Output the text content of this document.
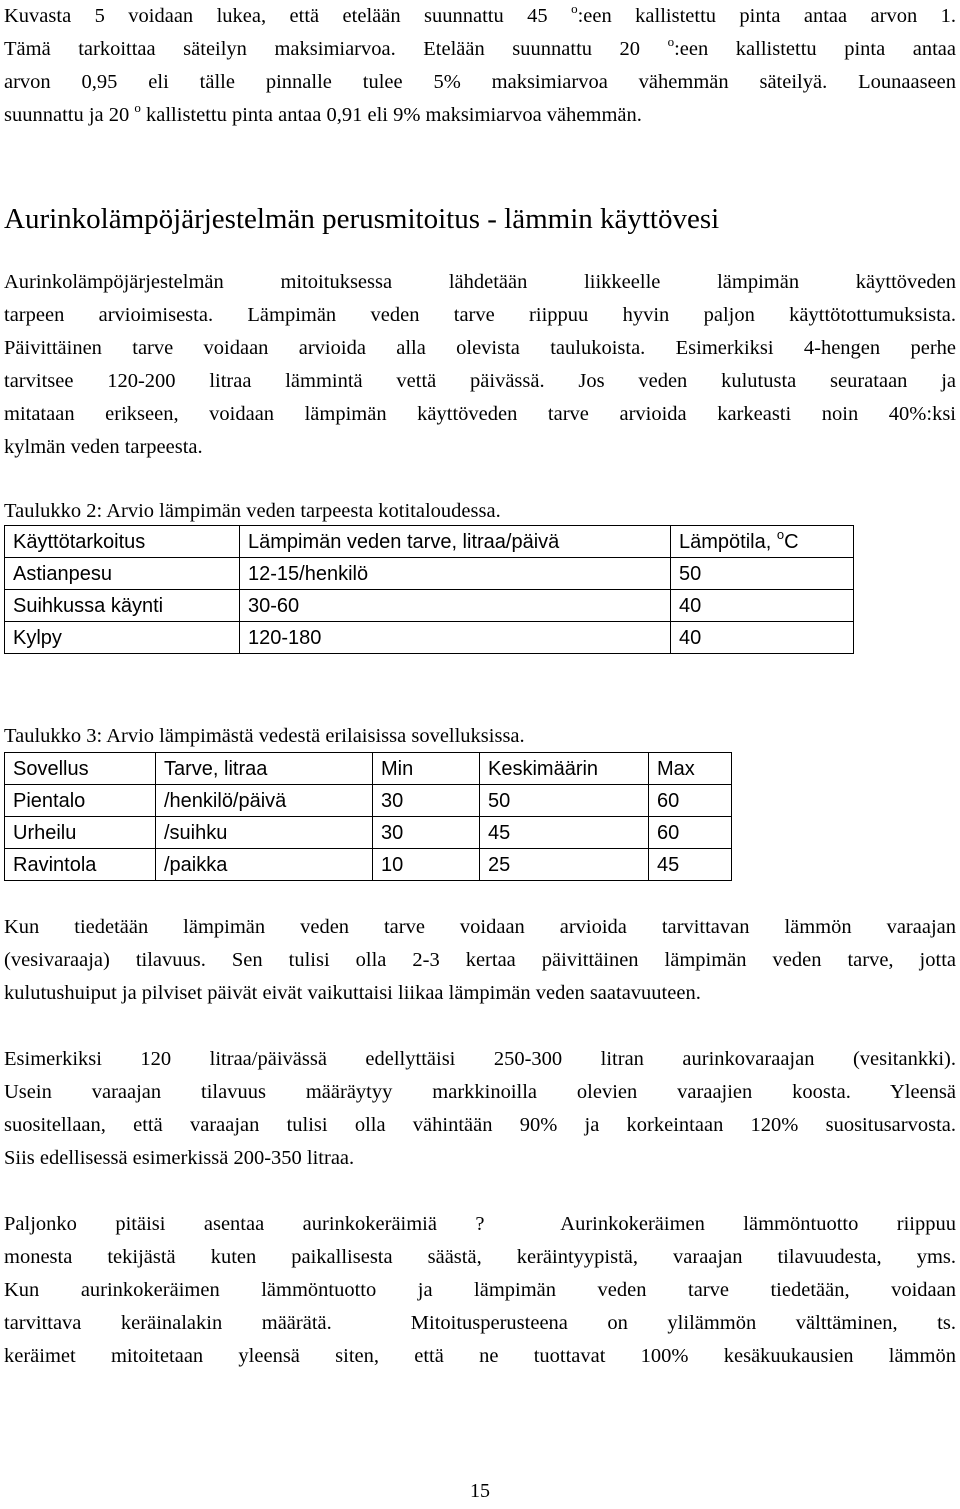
Kuvasta 5 voidaan lukea, että etelään suunnattu 45 $^o$:een kallistettu pinta antaa arvon 1.
Tämä tarkoittaa säteilyn maksimiarvoa. Etelään suunnattu 20 $^o$:een kallistettu pinta antaa
arvon 0,95 eli tälle pinnalle tulee 5% maksimiarvoa vähemmän säteilyä. Lounaaseen
suunnattu ja 20 $^o$ kallistettu pinta antaa 0,91 eli 9% maksimiarvoa vähemmän.
Aurinkolämpöjärjestelmän perusmitoitus - lämmin käyttövesi
Aurinkolämpöjärjestelmän mitoituksessa lähdetään liikkeelle lämpimän käyttöveden
tarpeen arvioimisesta. Lämpimän veden tarve riippuu hyvin paljon käyttötottumuksista.
Päivittäinen tarve voidaan arvioida alla olevista taulukoista. Esimerkiksi 4-hengen perhe
tarvitsee 120-200 litraa lämmintä vettä päivässä. Jos veden kulutusta seurataan ja
mitataan erikseen, voidaan lämpimän käyttöveden tarve arvioida karkeasti noin 40%:ksi
kylmän veden tarpeesta.
Taulukko 2: Arvio lämpimän veden tarpeesta kotitaloudessa.
Käyttötarkoitus	Lämpimän veden tarve, litraa/päivä	Lämpötila, $^o$C
Astianpesu	12-15/henkilö	50
Suihkussa käynti	30-60	40
Kylpy	120-180	40
Taulukko 3: Arvio lämpimästä vedestä erilaisissa sovelluksissa.
Sovellus	Tarve, litraa	Min	Keskimäärin	Max
Pientalo	/henkilö/päivä	30	50	60
Urheilu	/suihku	30	45	60
Ravintola	/paikka	10	25	45
Kun tiedetään lämpimän veden tarve voidaan arvioida tarvittavan lämmön varaajan
(vesivaraaja) tilavuus. Sen tulisi olla 2-3 kertaa päivittäinen lämpimän veden tarve, jotta
kulutushuiput ja pilviset päivät eivät vaikuttaisi liikaa lämpimän veden saatavuuteen.
Esimerkiksi 120 litraa/päivässä edellyttäisi 250-300 litran aurinkovaraajan (vesitankki).
Usein varaajan tilavuus määräytyy markkinoilla olevien varaajien koosta. Yleensä
suositellaan, että varaajan tulisi olla vähintään 90% ja korkeintaan 120% suositusarvosta.
Siis edellisessä esimerkissä 200-350 litraa.
Paljonko pitäisi asentaa aurinkokeräimiä ?  Aurinkokeräimen lämmöntuotto riippuu
monesta tekijästä kuten paikallisesta säästä, keräintyypistä, varaajan tilavuudesta, yms.
Kun aurinkokeräimen lämmöntuotto ja lämpimän veden tarve tiedetään, voidaan
tarvittava keräinalakin määrätä.  Mitoitusperusteena on ylilämmön välttäminen, ts.
keräimet mitoitetaan yleensä siten, että ne tuottavat 100% kesäkuukausien lämmön
15
